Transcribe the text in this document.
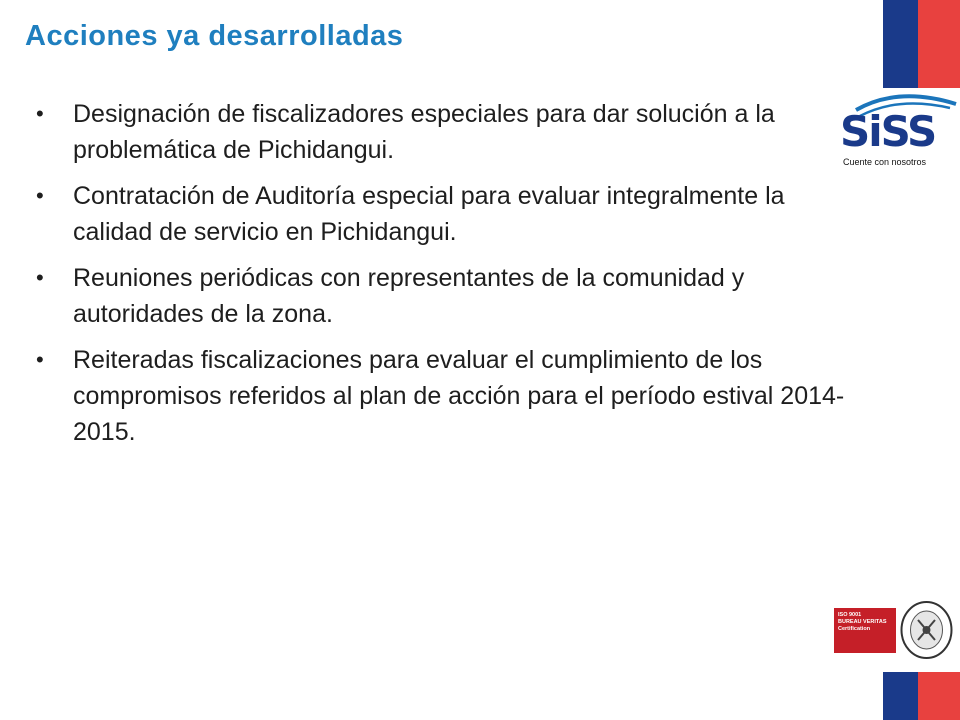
Acciones ya desarrolladas
• Designación de fiscalizadores especiales para dar solución a la problemática de Pichidangui.
• Contratación de Auditoría especial para evaluar integralmente la calidad de servicio en Pichidangui.
• Reuniones periódicas con representantes de la comunidad y autoridades de la zona.
• Reiteradas fiscalizaciones para evaluar el cumplimiento de los compromisos referidos al plan de acción para el período estival 2014-2015.
SiSS
Cuente con nosotros
ISO 9001
BUREAU VERITAS
Certification
